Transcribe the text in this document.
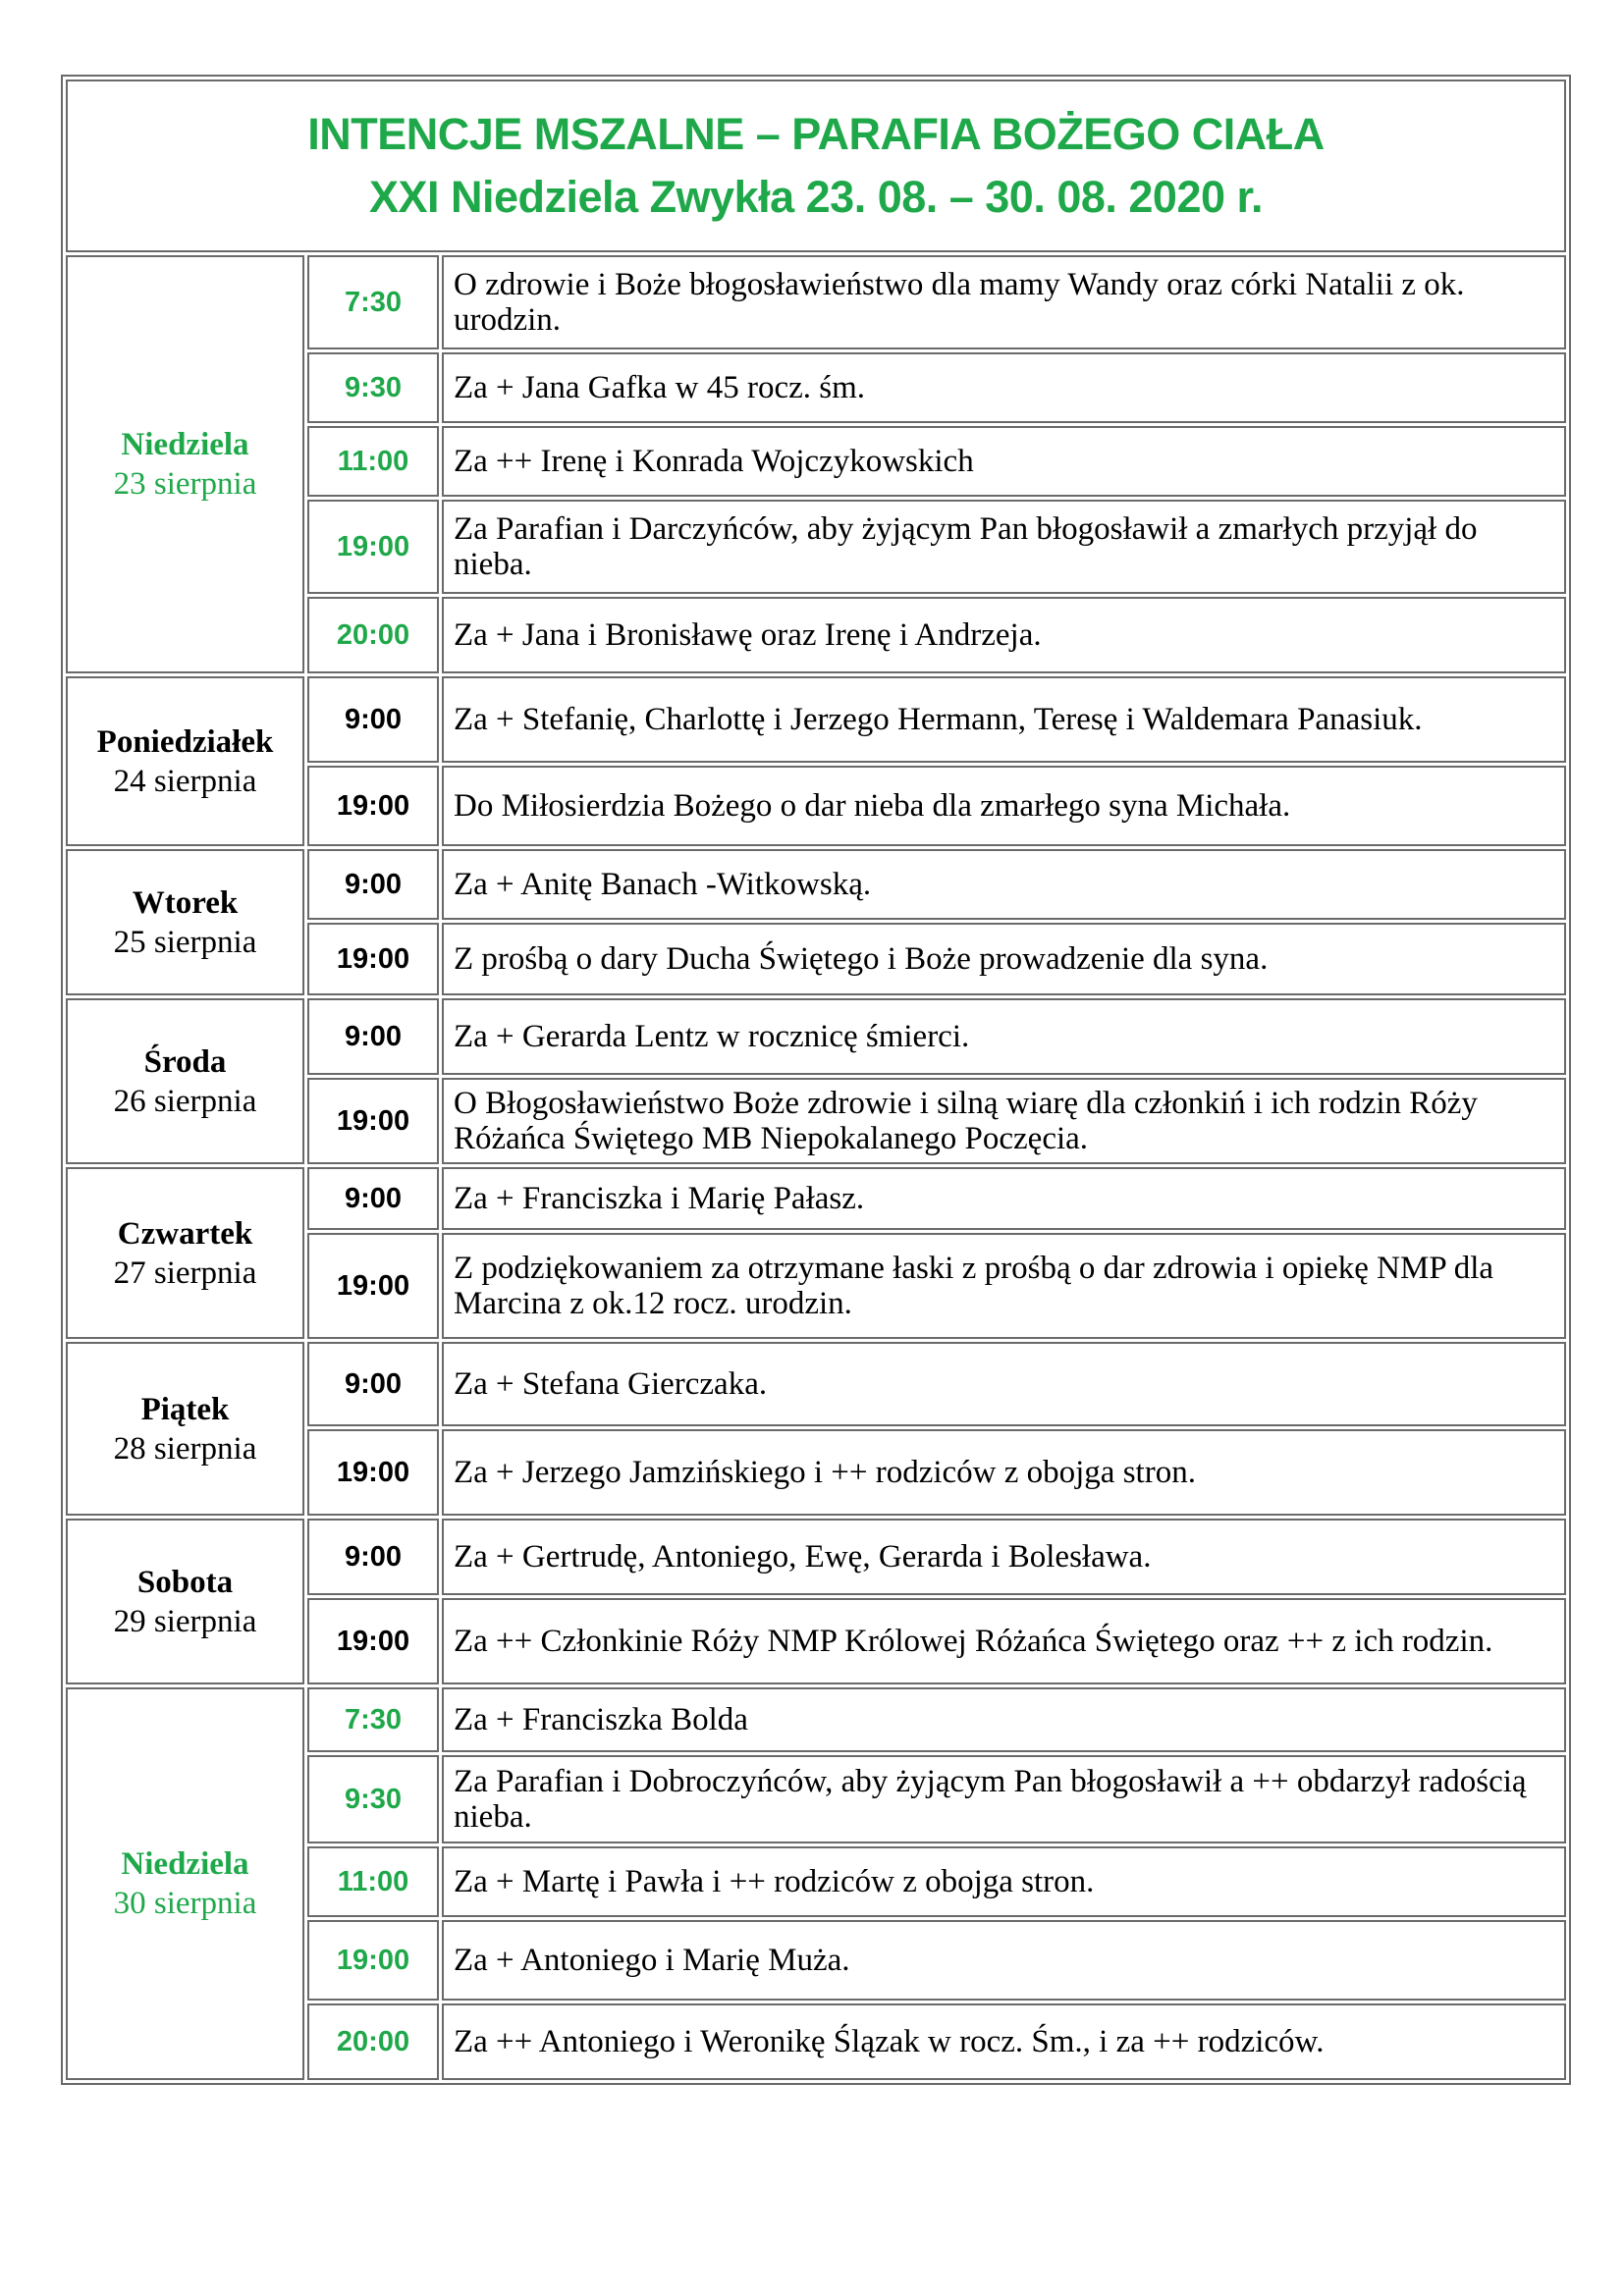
INTENCJE MSZALNE – PARAFIA BOŻEGO CIAŁA
XXI Niedziela Zwykła 23. 08. – 30. 08. 2020 r.		

Niedziela
23 sierpnia	7:30	O zdrowie i Boże błogosławieństwo dla mamy Wandy oraz córki Natalii z ok. urodzin.
	9:30	Za + Jana Gafka w 45 rocz. śm.
	11:00	Za ++ Irenę i Konrada Wojczykowskich
	19:00	Za Parafian i Darczyńców, aby żyjącym Pan błogosławił a zmarłych przyjął do nieba.
	20:00	Za + Jana i Bronisławę oraz Irenę i Andrzeja.

Poniedziałek
24 sierpnia	9:00	Za + Stefanię, Charlottę i Jerzego Hermann, Teresę i Waldemara Panasiuk.
	19:00	Do Miłosierdzia Bożego o dar nieba dla zmarłego syna Michała.

Wtorek
25 sierpnia	9:00	Za + Anitę Banach -Witkowską.
	19:00	Z prośbą o dary Ducha Świętego i Boże prowadzenie dla syna.

Środa
26 sierpnia	9:00	Za + Gerarda Lentz w rocznicę śmierci.
	19:00	O Błogosławieństwo Boże zdrowie i silną wiarę dla członkiń i ich rodzin Róży Różańca Świętego MB Niepokalanego Poczęcia.

Czwartek
27 sierpnia	9:00	Za + Franciszka i Marię Pałasz.
	19:00	Z podziękowaniem za otrzymane łaski z prośbą o dar zdrowia i opiekę NMP dla Marcina z ok.12 rocz. urodzin.

Piątek
28 sierpnia	9:00	Za + Stefana Gierczaka.
	19:00	Za + Jerzego Jamzińskiego i ++ rodziców z obojga stron.

Sobota
29 sierpnia	9:00	Za + Gertrudę, Antoniego, Ewę, Gerarda i Bolesława.
	19:00	Za ++ Członkinie Róży NMP Królowej Różańca Świętego oraz ++ z ich rodzin.

Niedziela
30 sierpnia	7:30	Za + Franciszka Bolda
	9:30	Za Parafian i Dobroczyńców, aby żyjącym Pan błogosławił a ++ obdarzył radością nieba.
	11:00	Za + Martę i Pawła i ++ rodziców z obojga stron.
	19:00	Za + Antoniego i Marię Muża.
	20:00	Za ++ Antoniego i Weronikę Ślązak w rocz. Śm., i za ++ rodziców.
